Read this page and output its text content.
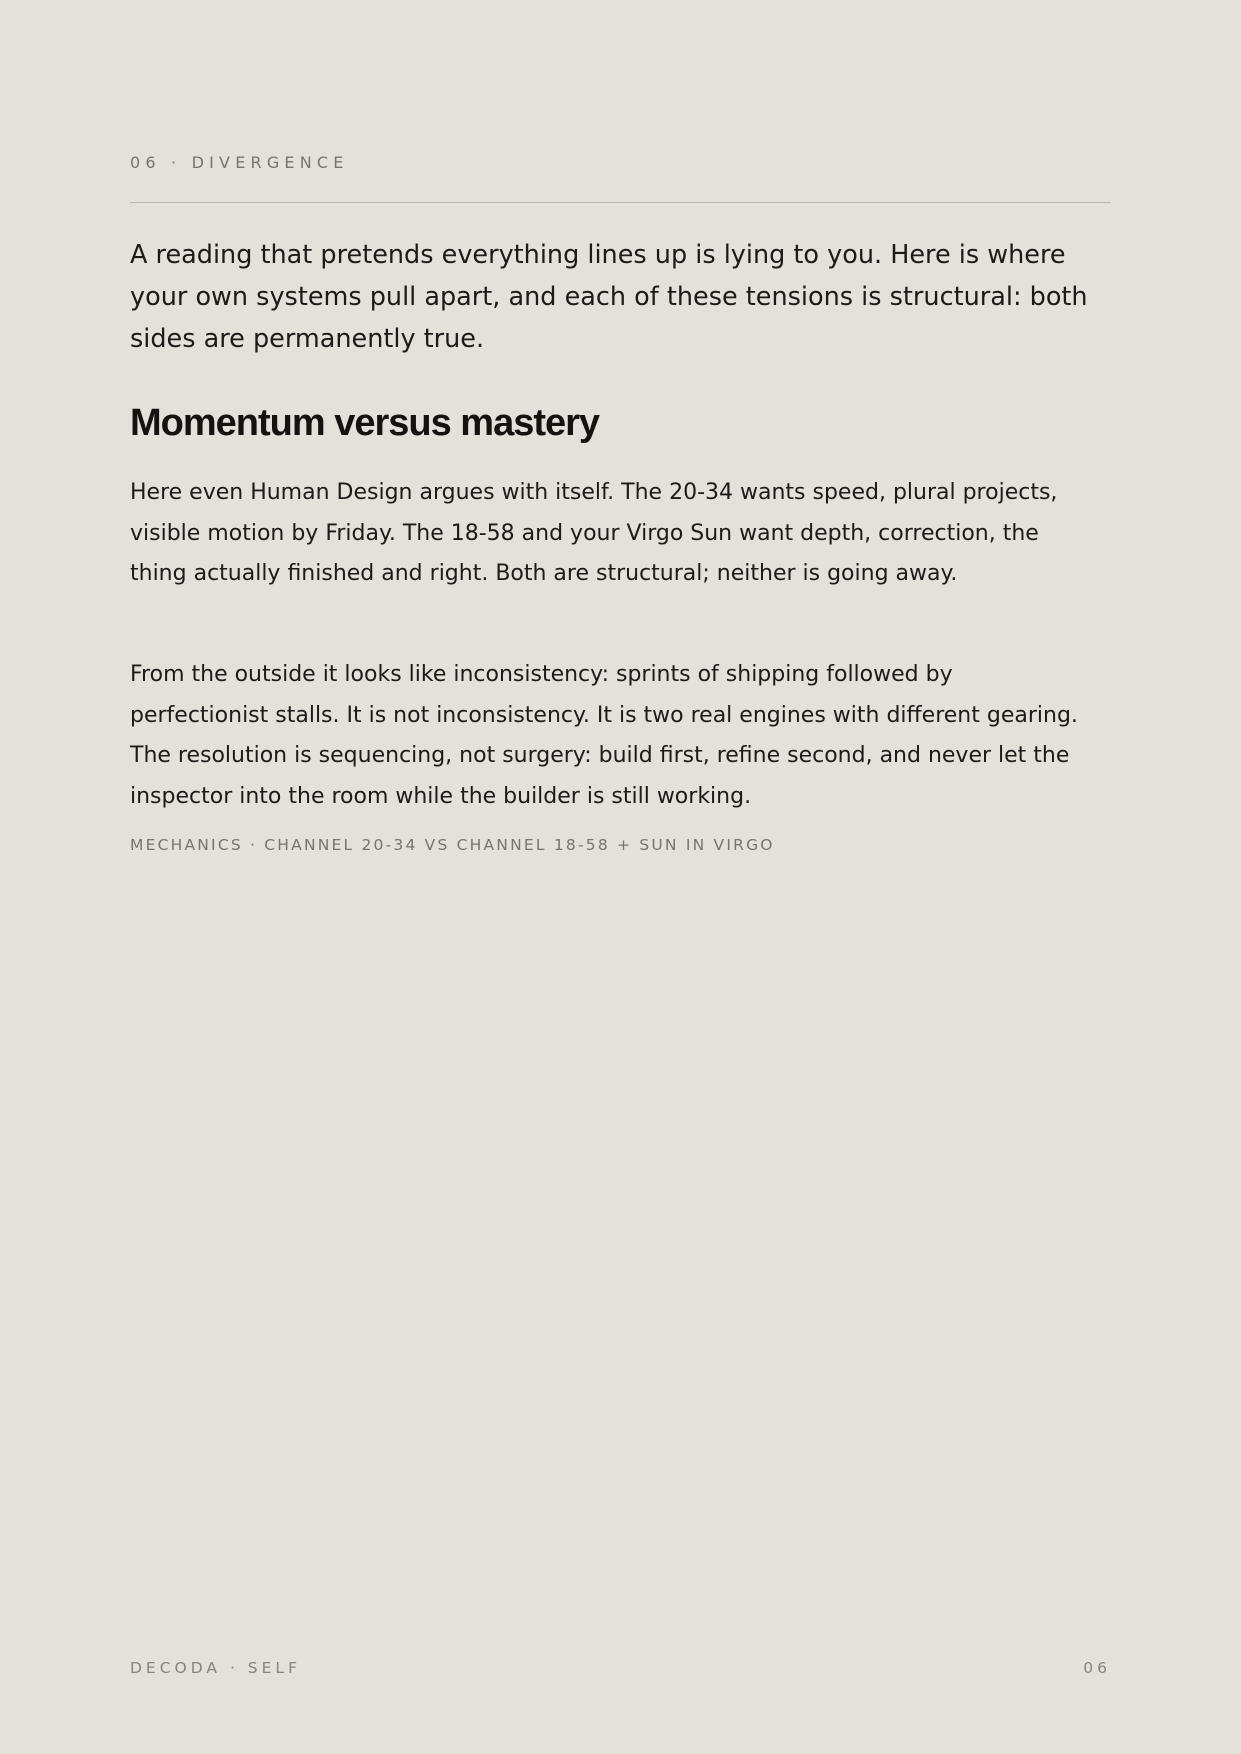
06 · DIVERGENCE

A reading that pretends everything lines up is lying to you. Here is where your own systems pull apart, and each of these tensions is structural: both sides are permanently true.

Momentum versus mastery

Here even Human Design argues with itself. The 20-34 wants speed, plural projects, visible motion by Friday. The 18-58 and your Virgo Sun want depth, correction, the thing actually finished and right. Both are structural; neither is going away.

From the outside it looks like inconsistency: sprints of shipping followed by perfectionist stalls. It is not inconsistency. It is two real engines with different gearing. The resolution is sequencing, not surgery: build first, refine second, and never let the inspector into the room while the builder is still working.

MECHANICS · CHANNEL 20-34 VS CHANNEL 18-58 + SUN IN VIRGO
DECODA · SELF	06
